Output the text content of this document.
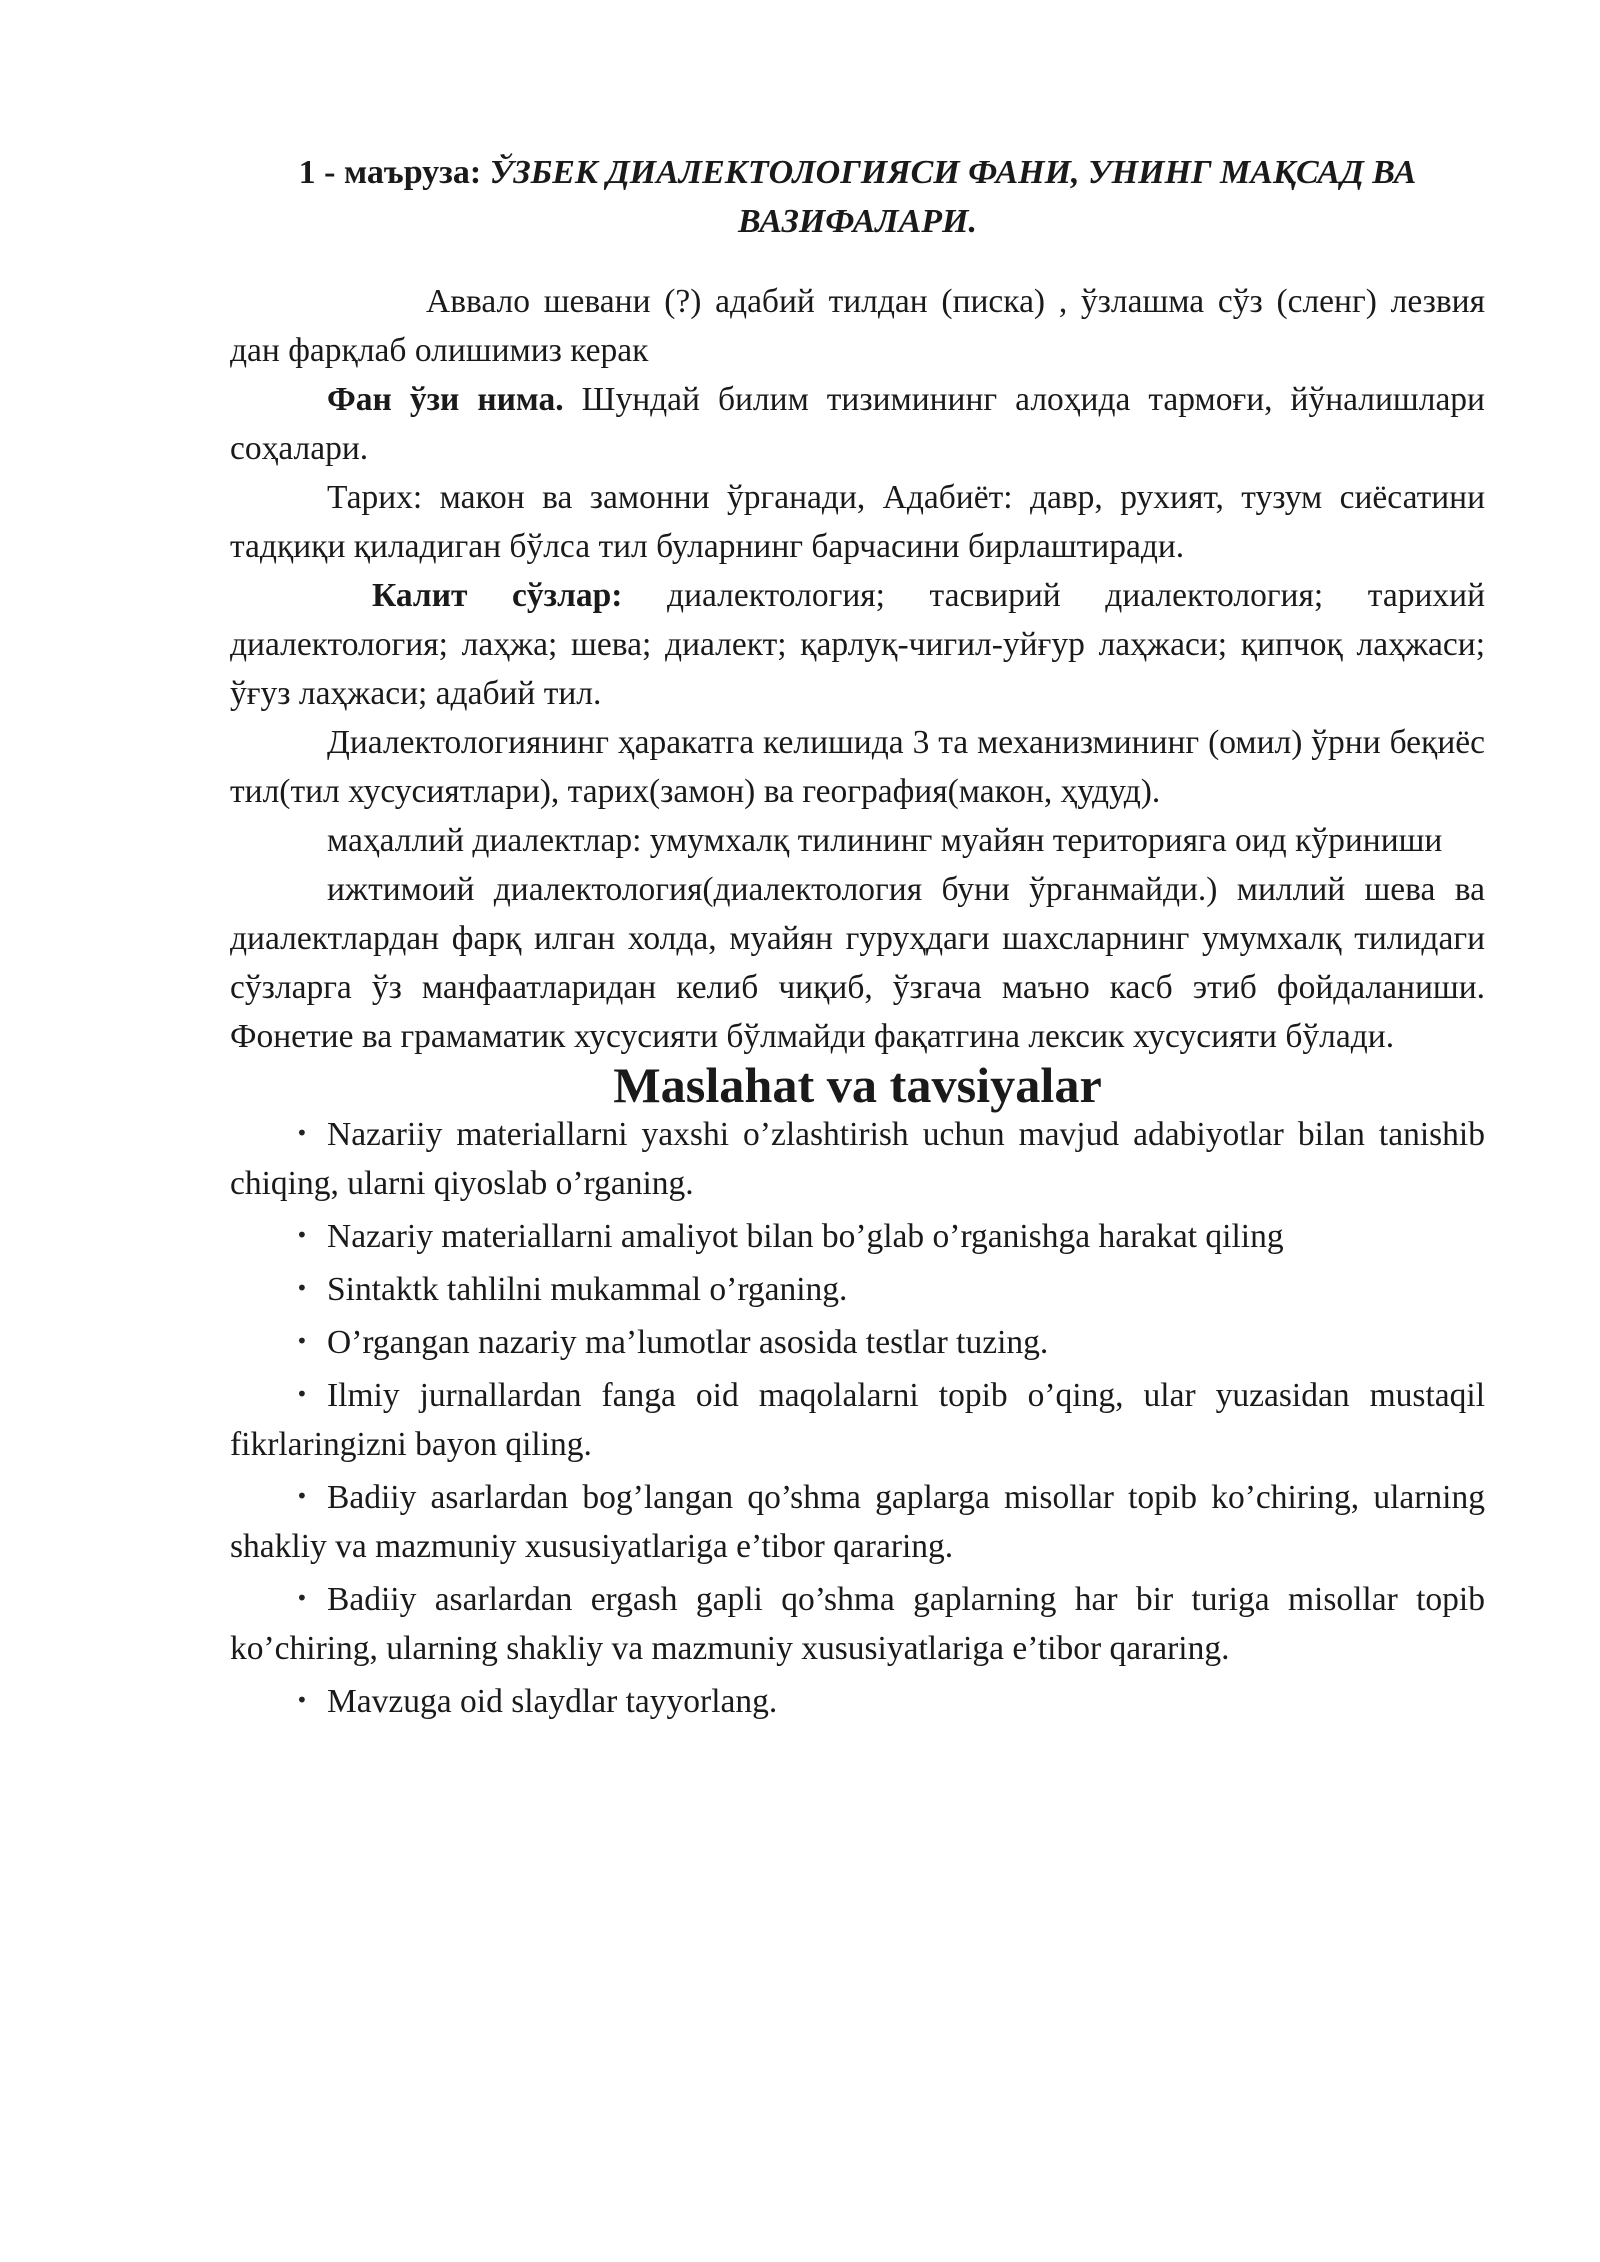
1 - маъруза: ЎЗБЕК ДИАЛЕКТОЛОГИЯСИ ФАНИ, УНИНГ МАҚСАД ВА ВАЗИФАЛАРИ.

Аввало шевани (?) адабий тилдан (писка) , ўзлашма сўз (сленг) лезвия дан фарқлаб олишимиз керак

Фан ўзи нима. Шундай билим тизимининг алоҳида тармоғи, йўналишлари соҳалари.

Тарих: макон ва замонни ўрганади, Адабиёт: давр, рухият, тузум сиёсатини тадқиқи қиладиган бўлса тил буларнинг барчасини бирлаштиради.

Калит сўзлар: диалектология; тасвирий диалектология; тарихий диалектология; лаҳжа; шева; диалект; қарлуқ-чигил-уйғур лаҳжаси; қипчоқ лаҳжаси; ўғуз лаҳжаси; адабий тил.

Диалектологиянинг ҳаракатга келишида 3 та механизмининг (омил) ўрни беқиёс тил(тил хусусиятлари), тарих(замон) ва география(макон, ҳудуд).

маҳаллий диалектлар: умумхалқ тилининг муайян териториягa оид кўриниши

ижтимоий диалектология(диалектология буни ўрганмайди.) миллий шева ва диалектлардан фарқ илган холда, муайян гуруҳдаги шахсларнинг умумхалқ тилидаги сўзларга ўз манфаатларидан келиб чиқиб, ўзгача маъно касб этиб фойдаланиши. Фонетие ва грамаматик хусусияти бўлмайди фақатгина лексик хусусияти бўлади.

Maslahat va tavsiyalar
• Nazariiy materiallarni yaxshi o’zlashtirish uchun mavjud adabiyotlar bilan tanishib chiqing, ularni qiyoslab o’rganing.
• Nazariy materiallarni amaliyot bilan bo’glab o’rganishga harakat qiling
• Sintaktk tahlilni mukammal o’rganing.
• O’rgangan nazariy ma’lumotlar asosida testlar tuzing.
• Ilmiy jurnallardan fanga oid maqolalarni topib o’qing, ular yuzasidan mustaqil fikrlaringizni bayon qiling.
• Badiiy asarlardan bog’langan qo’shma gaplarga misollar topib ko’chiring, ularning shakliy va mazmuniy xususiyatlariga e’tibor qararing.
• Badiiy asarlardan ergash gapli qo’shma gaplarning har bir turiga misollar topib ko’chiring, ularning shakliy va mazmuniy xususiyatlariga e’tibor qararing.
• Mavzuga oid slaydlar tayyorlang.
